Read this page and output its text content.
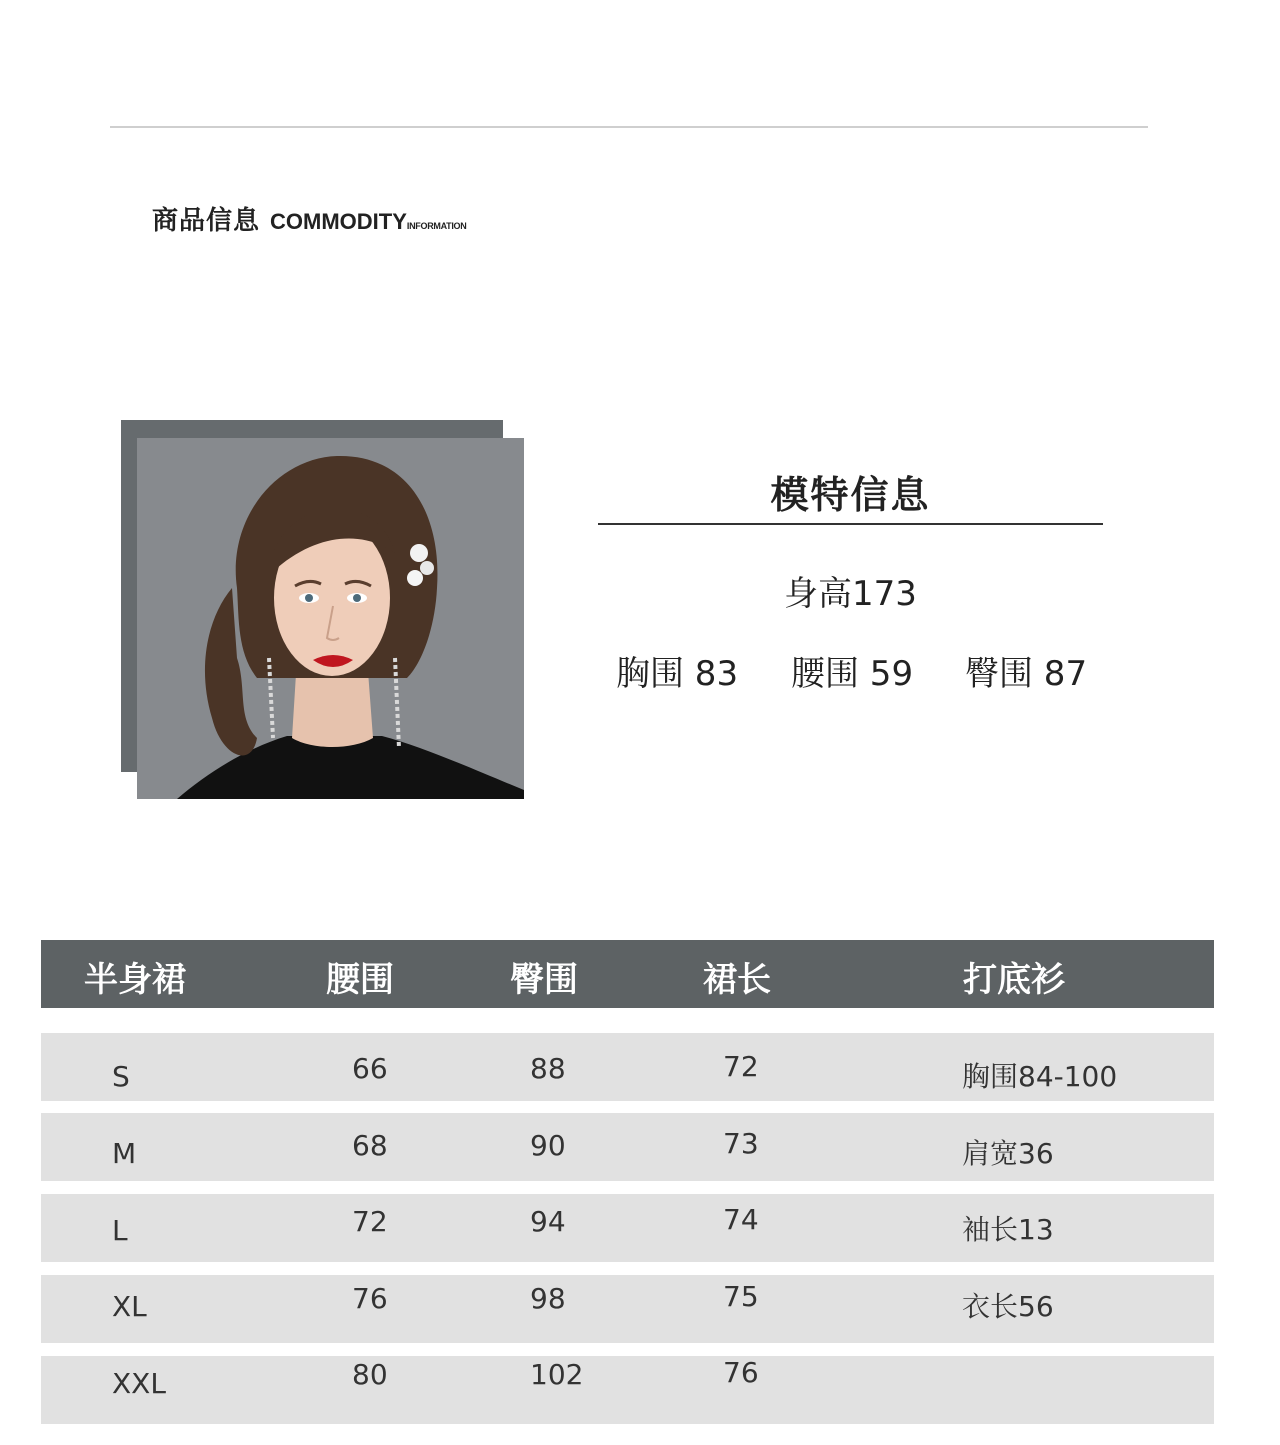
商品信息 COMMODITYINFORMATION
模特信息
身高173
胸围 83 腰围 59 臀围 87
半身裙	腰围	臀围	裙长	打底衫
S	66	88	72	胸围84-100
M	68	90	73	肩宽36
L	72	94	74	袖长13
XL	76	98	75	衣长56
XXL	80	102	76
